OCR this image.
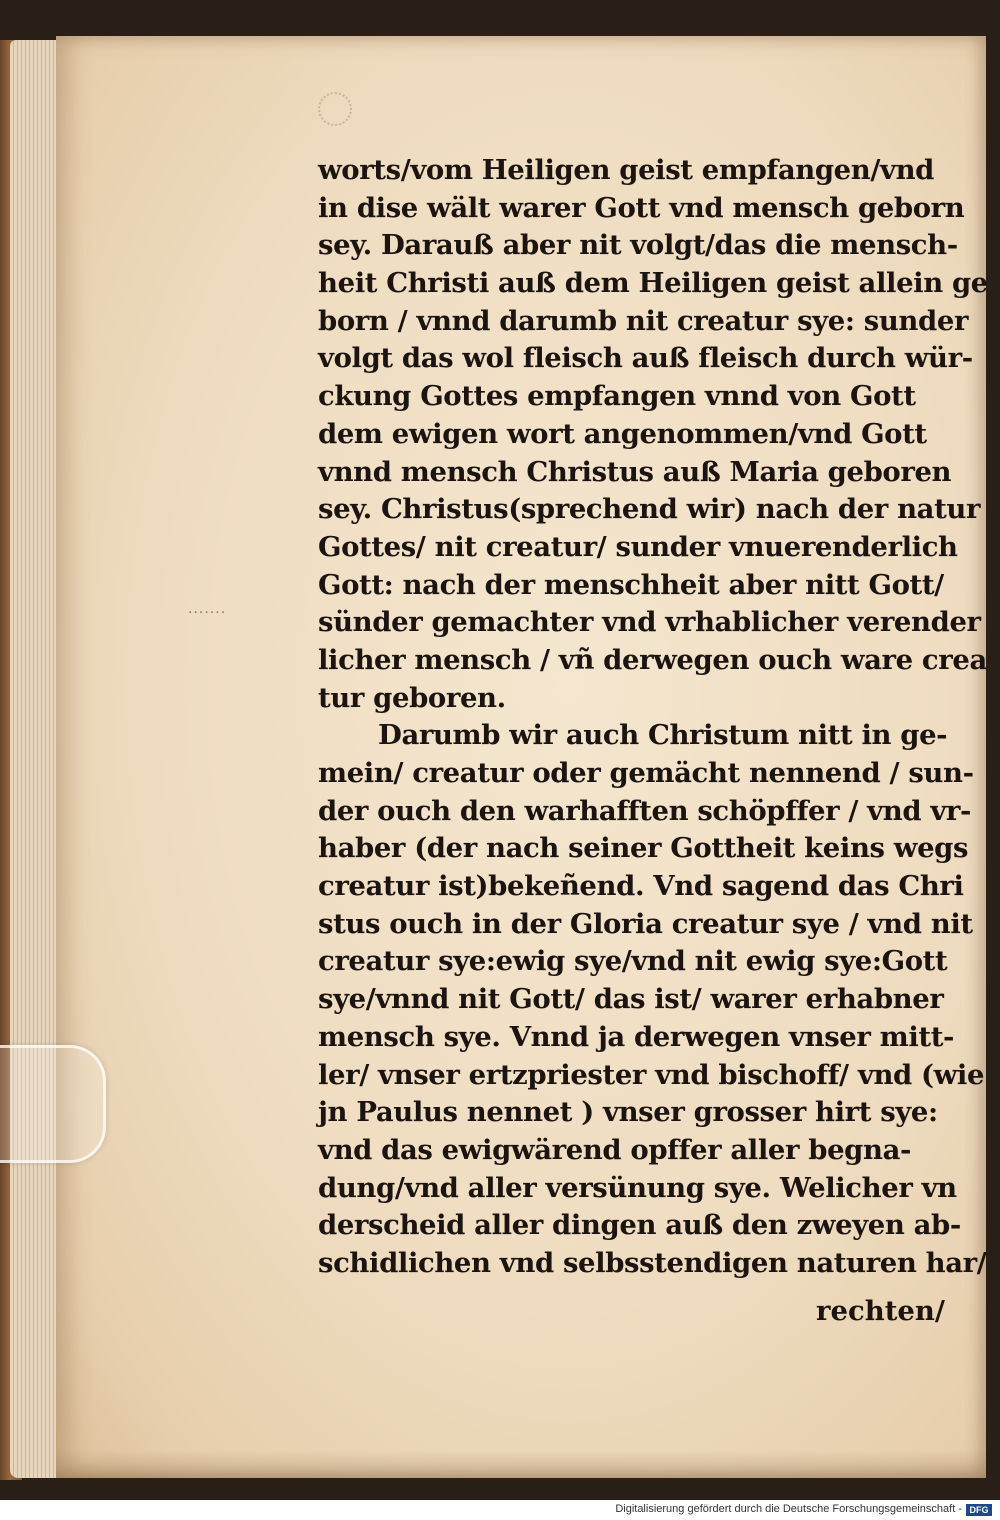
·······
worts/vom Heiligen geist empfangen/vnd
in dise wält warer Gott vnd mensch geborn
sey. Darauß aber nit volgt/das die mensch-
heit Christi auß dem Heiligen geist allein ge
born / vnnd darumb nit creatur sye: sunder
volgt das wol fleisch auß fleisch durch wür-
ckung Gottes empfangen vnnd von Gott
dem ewigen wort angenommen/vnd Gott
vnnd mensch Christus auß Maria geboren
sey. Christus(sprechend wir) nach der natur
Gottes/ nit creatur/ sunder vnuerenderlich
Gott: nach der menschheit aber nitt Gott/
sünder gemachter vnd vrhablicher verender
licher mensch / vñ derwegen ouch ware crea
tur geboren.
Darumb wir auch Christum nitt in ge-
mein/ creatur oder gemächt nennend / sun-
der ouch den warhafften schöpffer / vnd vr-
haber (der nach seiner Gottheit keins wegs
creatur ist)bekeñend. Vnd sagend das Chri
stus ouch in der Gloria creatur sye / vnd nit
creatur sye:ewig sye/vnd nit ewig sye:Gott
sye/vnnd nit Gott/ das ist/ warer erhabner
mensch sye. Vnnd ja derwegen vnser mitt-
ler/ vnser ertzpriester vnd bischoff/ vnd (wie
jn Paulus nennet ) vnser grosser hirt sye:
vnd das ewigwärend opffer aller begna-
dung/vnd aller versünung sye. Welicher vn
derscheid aller dingen auß den zweyen ab-
schidlichen vnd selbsstendigen naturen har/
rechten/
Digitalisierung gefördert durch die Deutsche Forschungsgemeinschaft - DFG
